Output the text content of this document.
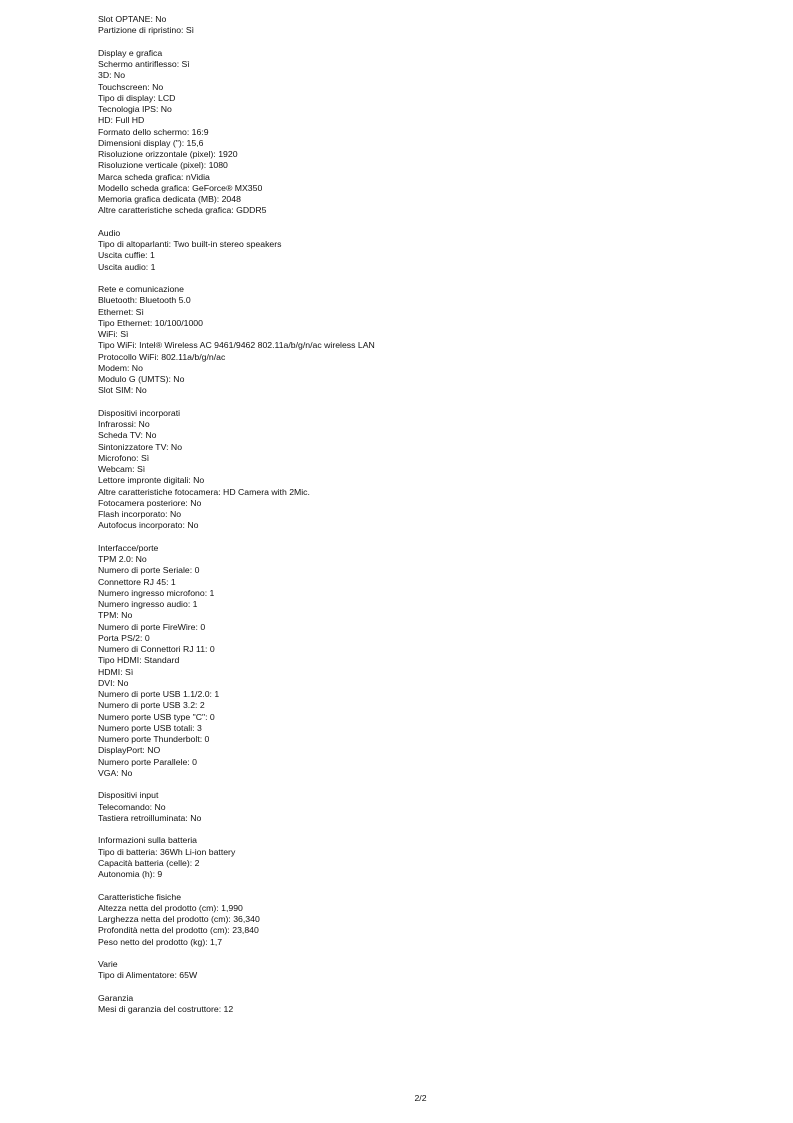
Slot OPTANE: No
Partizione di ripristino: Sì
Display e grafica
Schermo antiriflesso: Sì
3D: No
Touchscreen: No
Tipo di display: LCD
Tecnologia IPS: No
HD: Full HD
Formato dello schermo: 16:9
Dimensioni display ("): 15,6
Risoluzione orizzontale (pixel): 1920
Risoluzione verticale (pixel): 1080
Marca scheda grafica: nVidia
Modello scheda grafica: GeForce® MX350
Memoria grafica dedicata (MB): 2048
Altre caratteristiche scheda grafica: GDDR5
Audio
Tipo di altoparlanti: Two built-in stereo speakers
Uscita cuffie: 1
Uscita audio: 1
Rete e comunicazione
Bluetooth: Bluetooth 5.0
Ethernet: Sì
Tipo Ethernet: 10/100/1000
WiFi: Sì
Tipo WiFi: Intel® Wireless AC 9461/9462 802.11a/b/g/n/ac wireless LAN
Protocollo WiFi: 802.11a/b/g/n/ac
Modem: No
Modulo G (UMTS): No
Slot SIM: No
Dispositivi incorporati
Infrarossi: No
Scheda TV: No
Sintonizzatore TV: No
Microfono: Sì
Webcam: Sì
Lettore impronte digitali: No
Altre caratteristiche fotocamera: HD Camera with 2Mic.
Fotocamera posteriore: No
Flash incorporato: No
Autofocus incorporato: No
Interfacce/porte
TPM 2.0: No
Numero di porte Seriale: 0
Connettore RJ 45: 1
Numero ingresso microfono: 1
Numero ingresso audio: 1
TPM: No
Numero di porte FireWire: 0
Porta PS/2: 0
Numero di Connettori RJ 11: 0
Tipo HDMI: Standard
HDMI: Sì
DVI: No
Numero di porte USB 1.1/2.0: 1
Numero di porte USB 3.2: 2
Numero porte USB type "C": 0
Numero porte USB totali: 3
Numero porte Thunderbolt: 0
DisplayPort: NO
Numero porte Parallele: 0
VGA: No
Dispositivi input
Telecomando: No
Tastiera retroilluminata: No
Informazioni sulla batteria
Tipo di batteria: 36Wh Li-ion battery
Capacità batteria (celle): 2
Autonomia (h): 9
Caratteristiche fisiche
Altezza netta del prodotto (cm): 1,990
Larghezza netta del prodotto (cm): 36,340
Profondità netta del prodotto (cm): 23,840
Peso netto del prodotto (kg): 1,7
Varie
Tipo di Alimentatore: 65W
Garanzia
Mesi di garanzia del costruttore: 12
2/2
